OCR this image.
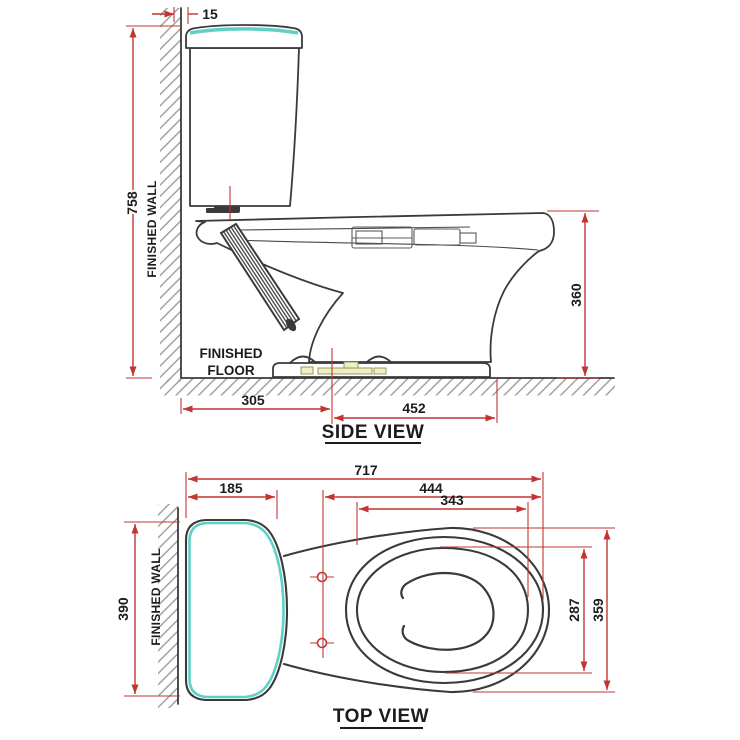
15
758
360
305	452
FINISHED WALL
FINISHED
FLOOR
SIDE VIEW
717
185	444
343
390	287 359
FINISHED WALL
TOP VIEW
